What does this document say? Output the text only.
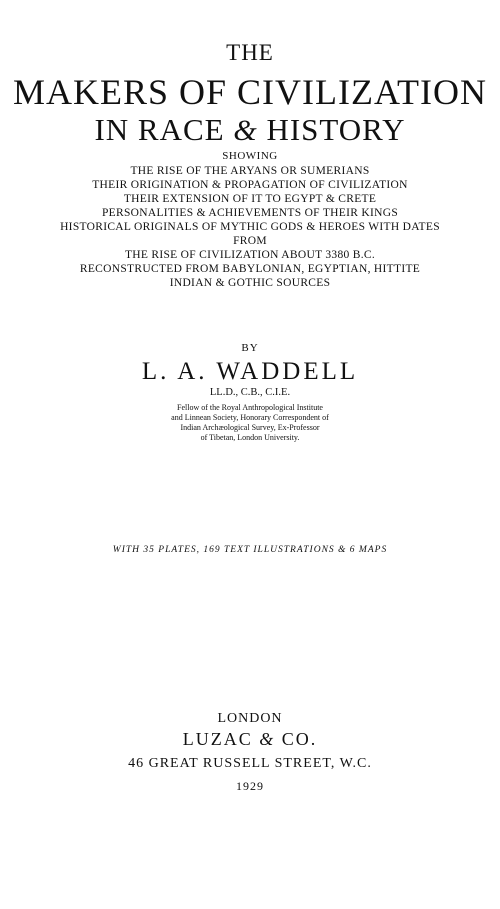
THE
MAKERS OF CIVILIZATION
IN RACE & HISTORY
SHOWING
THE RISE OF THE ARYANS OR SUMERIANS
THEIR ORIGINATION & PROPAGATION OF CIVILIZATION
THEIR EXTENSION OF IT TO EGYPT & CRETE
PERSONALITIES & ACHIEVEMENTS OF THEIR KINGS
HISTORICAL ORIGINALS OF MYTHIC GODS & HEROES WITH DATES
FROM
THE RISE OF CIVILIZATION ABOUT 3380 B.C.
RECONSTRUCTED FROM BABYLONIAN, EGYPTIAN, HITTITE
INDIAN & GOTHIC SOURCES
BY
L. A. WADDELL
LL.D., C.B., C.I.E.
Fellow of the Royal Anthropological Institute
and Linnean Society, Honorary Correspondent of
Indian Archæological Survey, Ex-Professor
of Tibetan, London University.
WITH 35 PLATES, 169 TEXT ILLUSTRATIONS & 6 MAPS
LONDON
LUZAC & CO.
46 GREAT RUSSELL STREET, W.C.
1929
